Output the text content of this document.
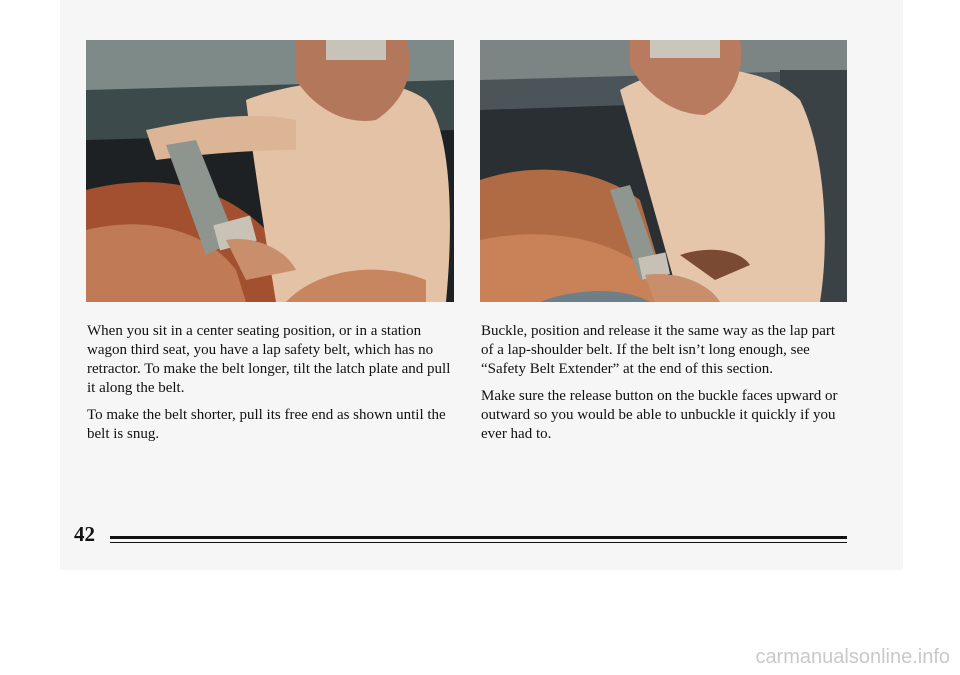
When you sit in a center seating position, or in a station wagon third seat, you have a lap safety belt, which has no retractor. To make the belt longer, tilt the latch plate and pull it along the belt.

To make the belt shorter, pull its free end as shown until the belt is snug.

Buckle, position and release it the same way as the lap part of a lap-shoulder belt. If the belt isn’t long enough, see “Safety Belt Extender” at the end of this section.

Make sure the release button on the buckle faces upward or outward so you would be able to unbuckle it quickly if you ever had to.

42
carmanualsonline.info
